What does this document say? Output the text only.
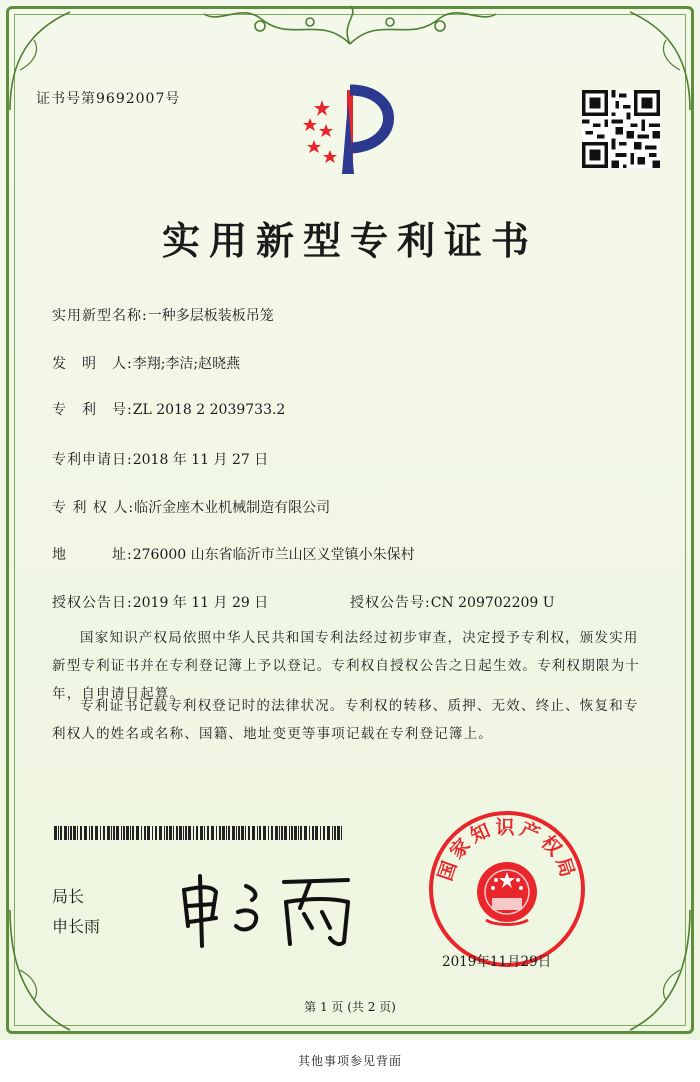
证书号第9692007号
实用新型专利证书
实用新型名称:一种多层板装板吊笼
发　明　人:李翔;李洁;赵晓燕
专　利　号:ZL 2018 2 2039733.2
专利申请日:2018 年 11 月 27 日
专 利 权 人:临沂金座木业机械制造有限公司
地　　　址:276000 山东省临沂市兰山区义堂镇小朱保村
授权公告日:2019 年 11 月 29 日	授权公告号:CN 209702209 U
国家知识产权局依照中华人民共和国专利法经过初步审查，决定授予专利权，颁发实用新型专利证书并在专利登记簿上予以登记。专利权自授权公告之日起生效。专利权期限为十年，自申请日起算。
专利证书记载专利权登记时的法律状况。专利权的转移、质押、无效、终止、恢复和专利权人的姓名或名称、国籍、地址变更等事项记载在专利登记簿上。
局长
申长雨
国家知识产权局
2019年11月29日
第 1 页 (共 2 页)
其他事项参见背面
